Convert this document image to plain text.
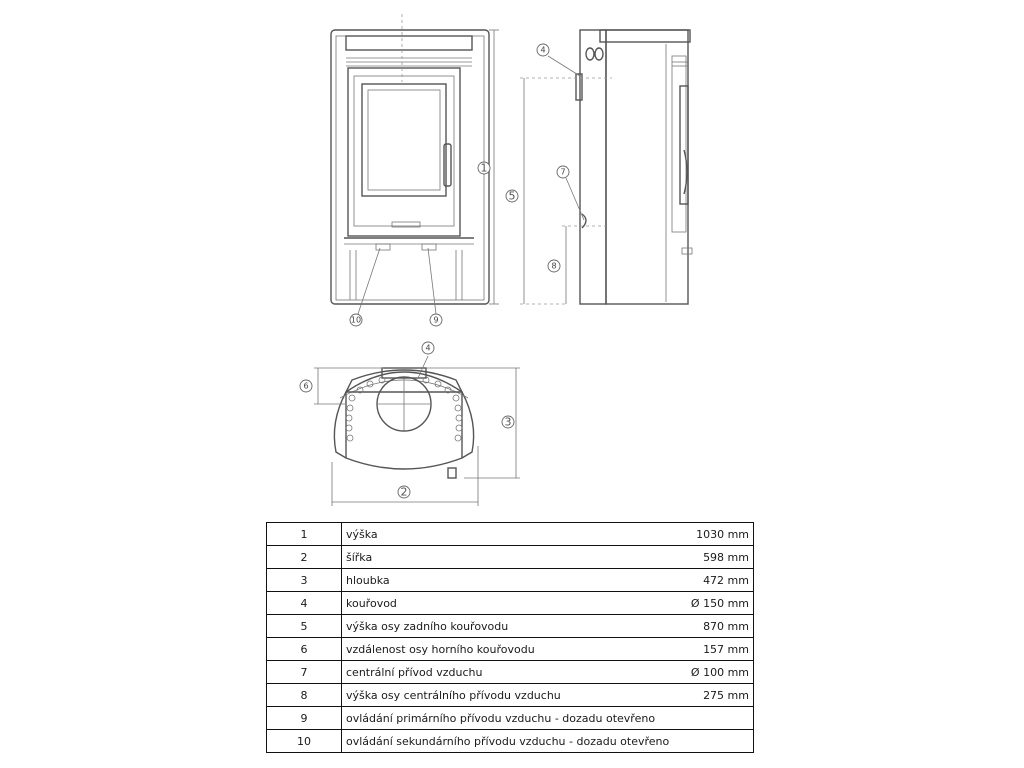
1
4
5
7
8
10	9
4
6
3
2
1	výška 1030 mm

2	šířka 598 mm

3	hloubka 472 mm

4	kouřovod Ø 150 mm

5	výška osy zadního kouřovodu 870 mm

6	vzdálenost osy horního kouřovodu 157 mm

7	centrální přívod vzduchu Ø 100 mm

8	výška osy centrálního přívodu vzduchu 275 mm

9	ovládání primárního přívodu vzduchu - dozadu otevřeno

10	ovládání sekundárního přívodu vzduchu - dozadu otevřeno
